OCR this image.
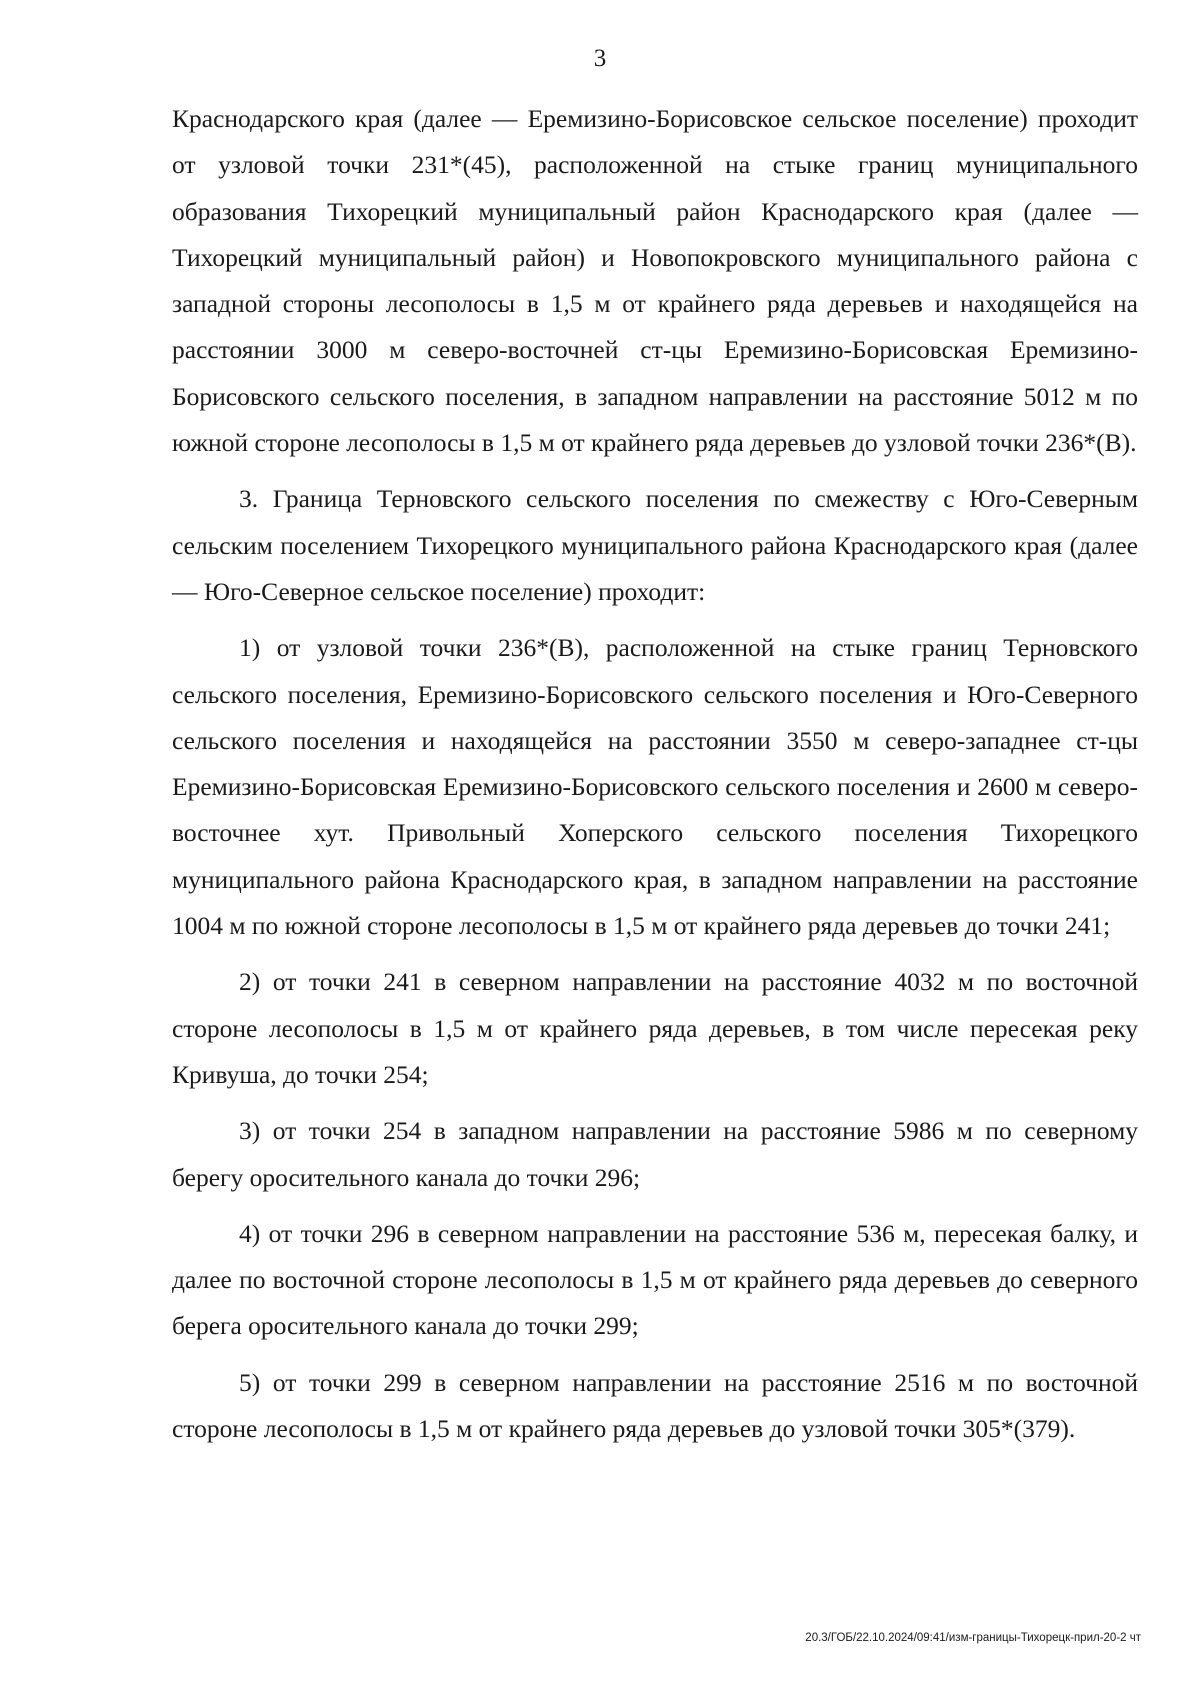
3

Краснодарского края (далее — Еремизино-Борисовское сельское поселение) проходит от узловой точки 231*(45), расположенной на стыке границ муниципального образования Тихорецкий муниципальный район Краснодарского края (далее — Тихорецкий муниципальный район) и Новопокровского муниципального района с западной стороны лесополосы в 1,5 м от крайнего ряда деревьев и находящейся на расстоянии 3000 м северо-восточней ст-цы Еремизино-Борисовская Еремизино-Борисовского сельского поселения, в западном направлении на расстояние 5012 м по южной стороне лесополосы в 1,5 м от крайнего ряда деревьев до узловой точки 236*(В).

3. Граница Терновского сельского поселения по смежеству с Юго-Северным сельским поселением Тихорецкого муниципального района Краснодарского края (далее — Юго-Северное сельское поселение) проходит:

1) от узловой точки 236*(В), расположенной на стыке границ Терновского сельского поселения, Еремизино-Борисовского сельского поселения и Юго-Северного сельского поселения и находящейся на расстоянии 3550 м северо-западнее ст-цы Еремизино-Борисовская Еремизино-Борисовского сельского поселения и 2600 м северо-восточнее хут. Привольный Хоперского сельского поселения Тихорецкого муниципального района Краснодарского края, в западном направлении на расстояние 1004 м по южной стороне лесополосы в 1,5 м от крайнего ряда деревьев до точки 241;

2) от точки 241 в северном направлении на расстояние 4032 м по восточной стороне лесополосы в 1,5 м от крайнего ряда деревьев, в том числе пересекая реку Кривуша, до точки 254;

3) от точки 254 в западном направлении на расстояние 5986 м по северному берегу оросительного канала до точки 296;

4) от точки 296 в северном направлении на расстояние 536 м, пересекая балку, и далее по восточной стороне лесополосы в 1,5 м от крайнего ряда деревьев до северного берега оросительного канала до точки 299;

5) от точки 299 в северном направлении на расстояние 2516 м по восточной стороне лесополосы в 1,5 м от крайнего ряда деревьев до узловой точки 305*(379).

20.3/ГОБ/22.10.2024/09:41/изм-границы-Тихорецк-прил-20-2 чт
